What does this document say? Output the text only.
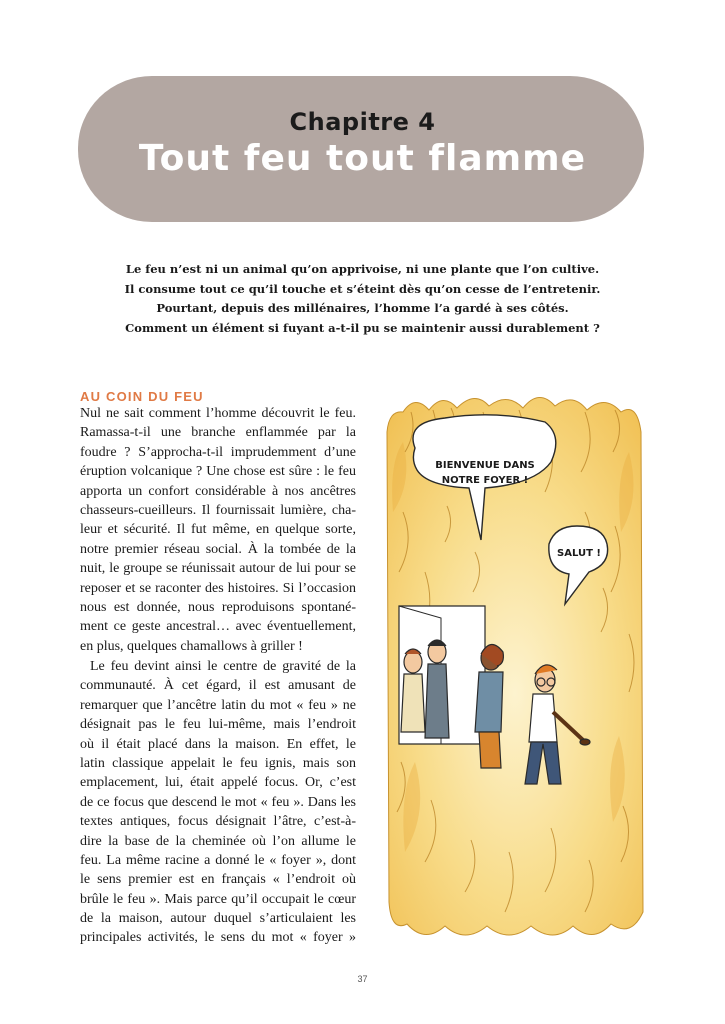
Chapitre 4
Tout feu tout flamme
Le feu n’est ni un animal qu’on apprivoise, ni une plante que l’on cultive.
Il consume tout ce qu’il touche et s’éteint dès qu’on cesse de l’entretenir.
Pourtant, depuis des millénaires, l’homme l’a gardé à ses côtés.
Comment un élément si fuyant a-t-il pu se maintenir aussi durablement ?
AU COIN DU FEU
Nul ne sait comment l’homme découvrit le feu.
Ramassa-t-il une branche enflammée par la
foudre ? S’approcha-t-il imprudemment d’une
éruption volcanique ? Une chose est sûre : le feu
apporta un confort considérable à nos ancêtres
chasseurs-cueilleurs. Il fournissait lumière, cha-
leur et sécurité. Il fut même, en quelque sorte,
notre premier réseau social. À la tombée de la
nuit, le groupe se réunissait autour de lui pour se
reposer et se raconter des histoires. Si l’occasion
nous est donnée, nous reproduisons spontané-
ment ce geste ancestral… avec éventuellement,
en plus, quelques chamallows à griller !
Le feu devint ainsi le centre de gravité de la
communauté. À cet égard, il est amusant de
remarquer que l’ancêtre latin du mot « feu » ne
désignait pas le feu lui-même, mais l’endroit
où il était placé dans la maison. En effet, le
latin classique appelait le feu ignis, mais son
emplacement, lui, était appelé focus. Or, c’est
de ce focus que descend le mot « feu ». Dans les
textes antiques, focus désignait l’âtre, c’est-à-
dire la base de la cheminée où l’on allume le
feu. La même racine a donné le « foyer », dont
le sens premier est en français « l’endroit où
brûle le feu ». Mais parce qu’il occupait le cœur
de la maison, autour duquel s’articulaient les
principales activités, le sens du mot « foyer »
BIENVENUE DANS
NOTRE FOYER !
SALUT !
37
